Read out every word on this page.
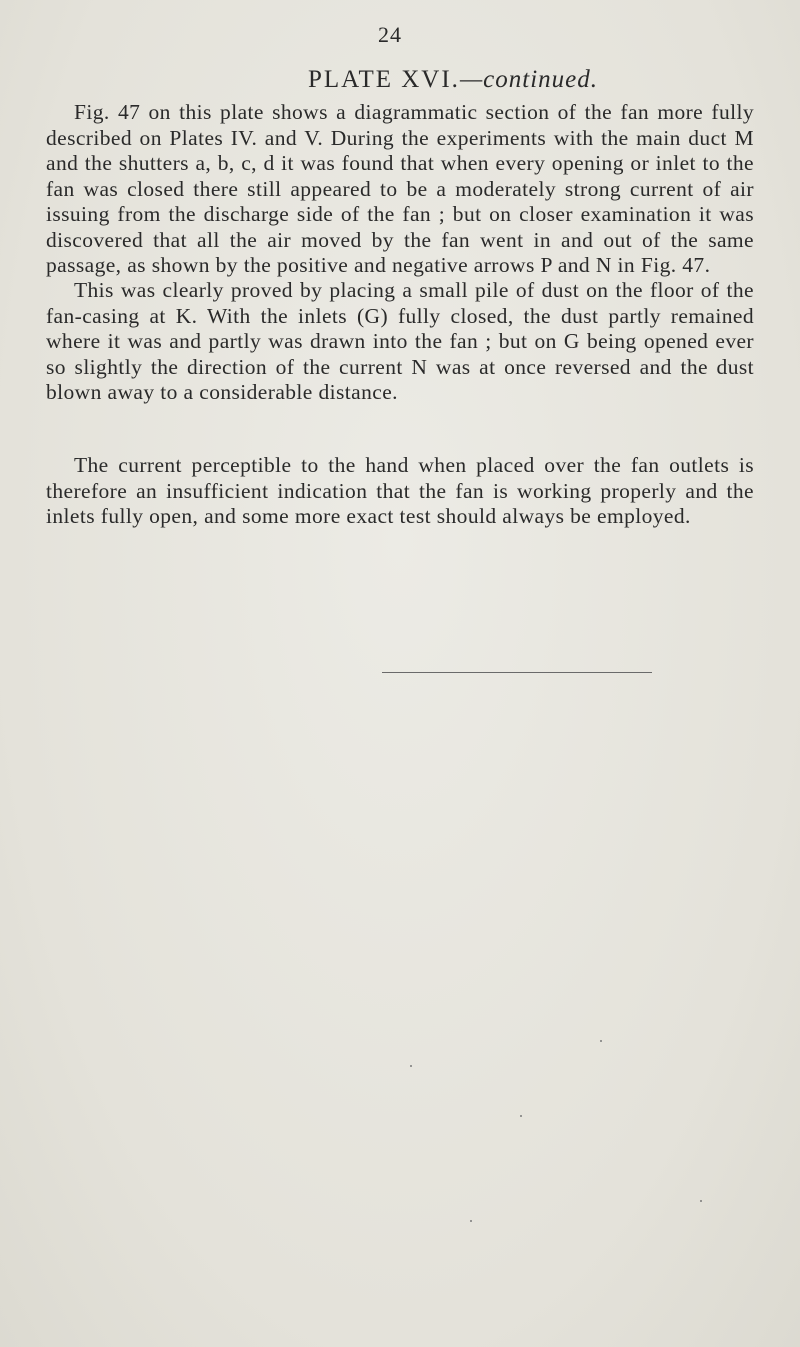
24
PLATE XVI.—continued.

Fig. 47 on this plate shows a diagrammatic section of the fan more fully described on Plates IV. and V. During the experiments with the main duct M and the shutters a, b, c, d it was found that when every opening or inlet to the fan was closed there still appeared to be a moderately strong current of air issuing from the discharge side of the fan ; but on closer examination it was discovered that all the air moved by the fan went in and out of the same passage, as shown by the positive and negative arrows P and N in Fig. 47.

This was clearly proved by placing a small pile of dust on the floor of the fan-casing at K. With the inlets (G) fully closed, the dust partly remained where it was and partly was drawn into the fan ; but on G being opened ever so slightly the direction of the current N was at once reversed and the dust blown away to a considerable distance.

The current perceptible to the hand when placed over the fan outlets is therefore an insufficient indication that the fan is working properly and the inlets fully open, and some more exact test should always be employed.
